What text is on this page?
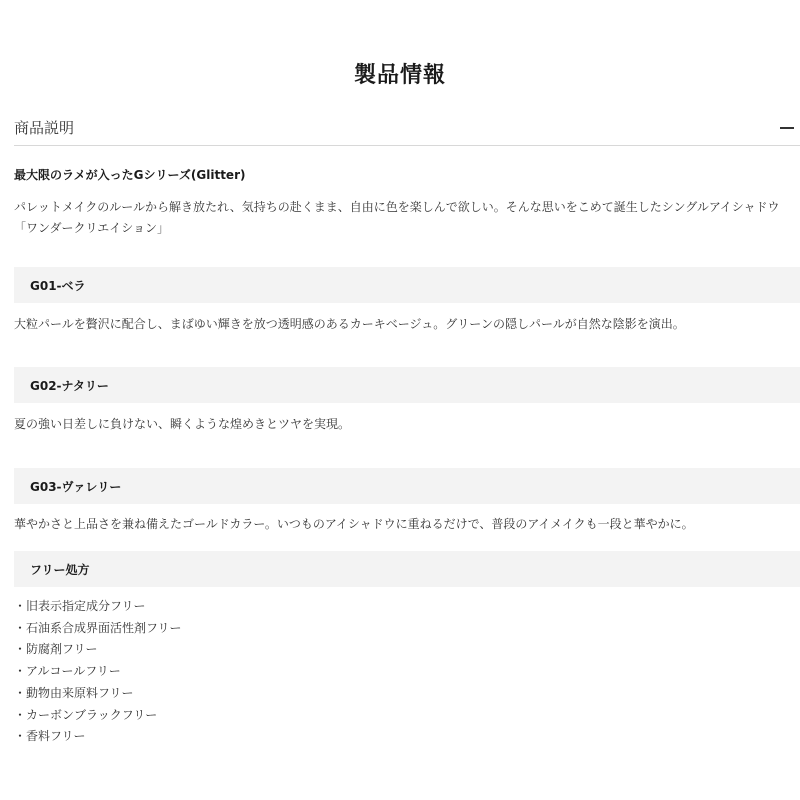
製品情報
商品説明
最大限のラメが入ったGシリーズ(Glitter)
パレットメイクのルールから解き放たれ、気持ちの赴くまま、自由に色を楽しんで欲しい。そんな思いをこめて誕生したシングルアイシャドウ
「ワンダークリエイション」
G01-ベラ
大粒パールを贅沢に配合し、まばゆい輝きを放つ透明感のあるカーキベージュ。グリーンの隠しパールが自然な陰影を演出。
G02-ナタリー
夏の強い日差しに負けない、瞬くような煌めきとツヤを実現。
G03-ヴァレリー
華やかさと上品さを兼ね備えたゴールドカラー。いつものアイシャドウに重ねるだけで、普段のアイメイクも一段と華やかに。
フリー処方
・旧表示指定成分フリー
・石油系合成界面活性剤フリー
・防腐剤フリー
・アルコールフリー
・動物由来原料フリー
・カーボンブラックフリー
・香料フリー
